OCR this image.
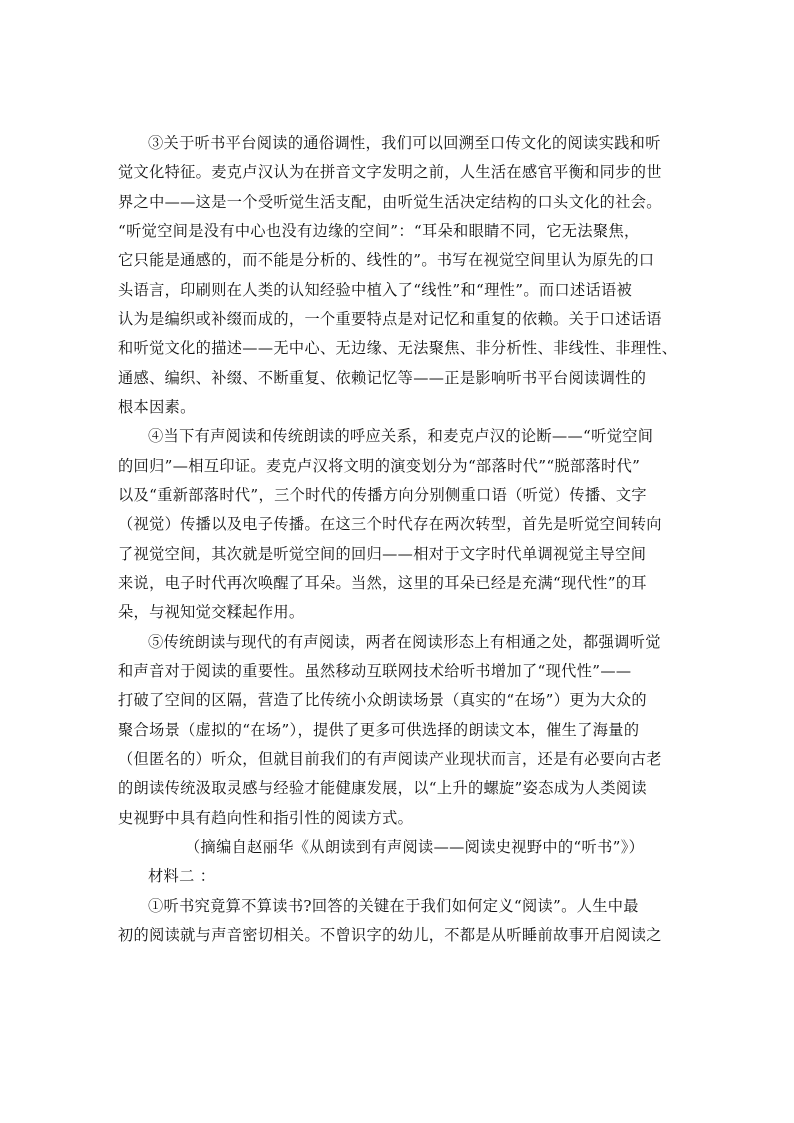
③关于听书平台阅读的通俗调性，我们可以回溯至口传文化的阅读实践和听
觉文化特征。麦克卢汉认为在拼音文字发明之前，人生活在感官平衡和同步的世
界之中——这是一个受听觉生活支配，由听觉生活决定结构的口头文化的社会。
“听觉空间是没有中心也没有边缘的空间”：“耳朵和眼睛不同，它无法聚焦，
它只能是通感的，而不能是分析的、线性的”。书写在视觉空间里认为原先的口
头语言，印刷则在人类的认知经验中植入了“线性”和“理性”。而口述话语被
认为是编织或补缀而成的，一个重要特点是对记忆和重复的依赖。关于口述话语
和听觉文化的描述——无中心、无边缘、无法聚焦、非分析性、非线性、非理性、
通感、编织、补缀、不断重复、依赖记忆等——正是影响听书平台阅读调性的
根本因素。
④当下有声阅读和传统朗读的呼应关系，和麦克卢汉的论断——“听觉空间
的回归”—相互印证。麦克卢汉将文明的演变划分为“部落时代”“脱部落时代”
以及“重新部落时代”，三个时代的传播方向分别侧重口语（听觉）传播、文字
（视觉）传播以及电子传播。在这三个时代存在两次转型，首先是听觉空间转向
了视觉空间，其次就是听觉空间的回归——相对于文字时代单调视觉主导空间
来说，电子时代再次唤醒了耳朵。当然，这里的耳朵已经是充满“现代性”的耳
朵，与视知觉交糅起作用。
⑤传统朗读与现代的有声阅读，两者在阅读形态上有相通之处，都强调听觉
和声音对于阅读的重要性。虽然移动互联网技术给听书增加了“现代性”——
打破了空间的区隔，营造了比传统小众朗读场景（真实的“在场”）更为大众的
聚合场景（虚拟的“在场”），提供了更多可供选择的朗读文本，催生了海量的
（但匿名的）听众，但就目前我们的有声阅读产业现状而言，还是有必要向古老
的朗读传统汲取灵感与经验才能健康发展，以“上升的螺旋”姿态成为人类阅读
史视野中具有趋向性和指引性的阅读方式。
（摘编自赵丽华《从朗读到有声阅读——阅读史视野中的“听书”》）
材料二 ：
①听书究竟算不算读书?回答的关键在于我们如何定义“阅读”。人生中最
初的阅读就与声音密切相关。不曾识字的幼儿，不都是从听睡前故事开启阅读之
